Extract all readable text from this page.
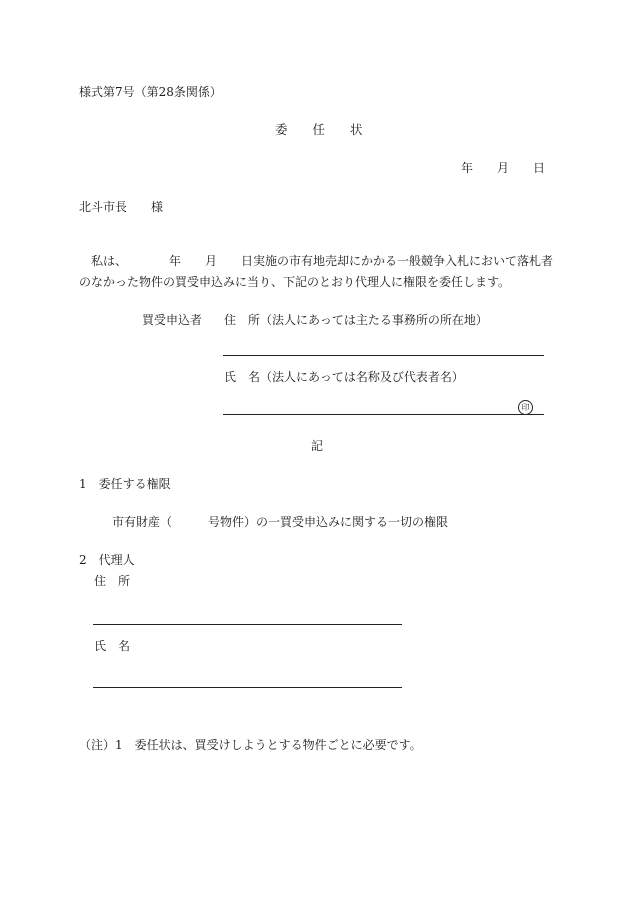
様式第7号（第28条関係）
委　　任　　状
年　　月　　日
北斗市長　　様
私は、　　　　年　　月　　日実施の市有地売却にかかる一般競争入札において落札者
のなかった物件の買受申込みに当り、下記のとおり代理人に権限を委任します。
買受申込者 住　所（法人にあっては主たる事務所の所在地）
氏　名（法人にあっては名称及び代表者名）
印
記
1　委任する権限
市有財産（　　　号物件）の一買受申込みに関する一切の権限
2　代理人
住　所
氏　名
（注）1　委任状は、買受けしようとする物件ごとに必要です。
